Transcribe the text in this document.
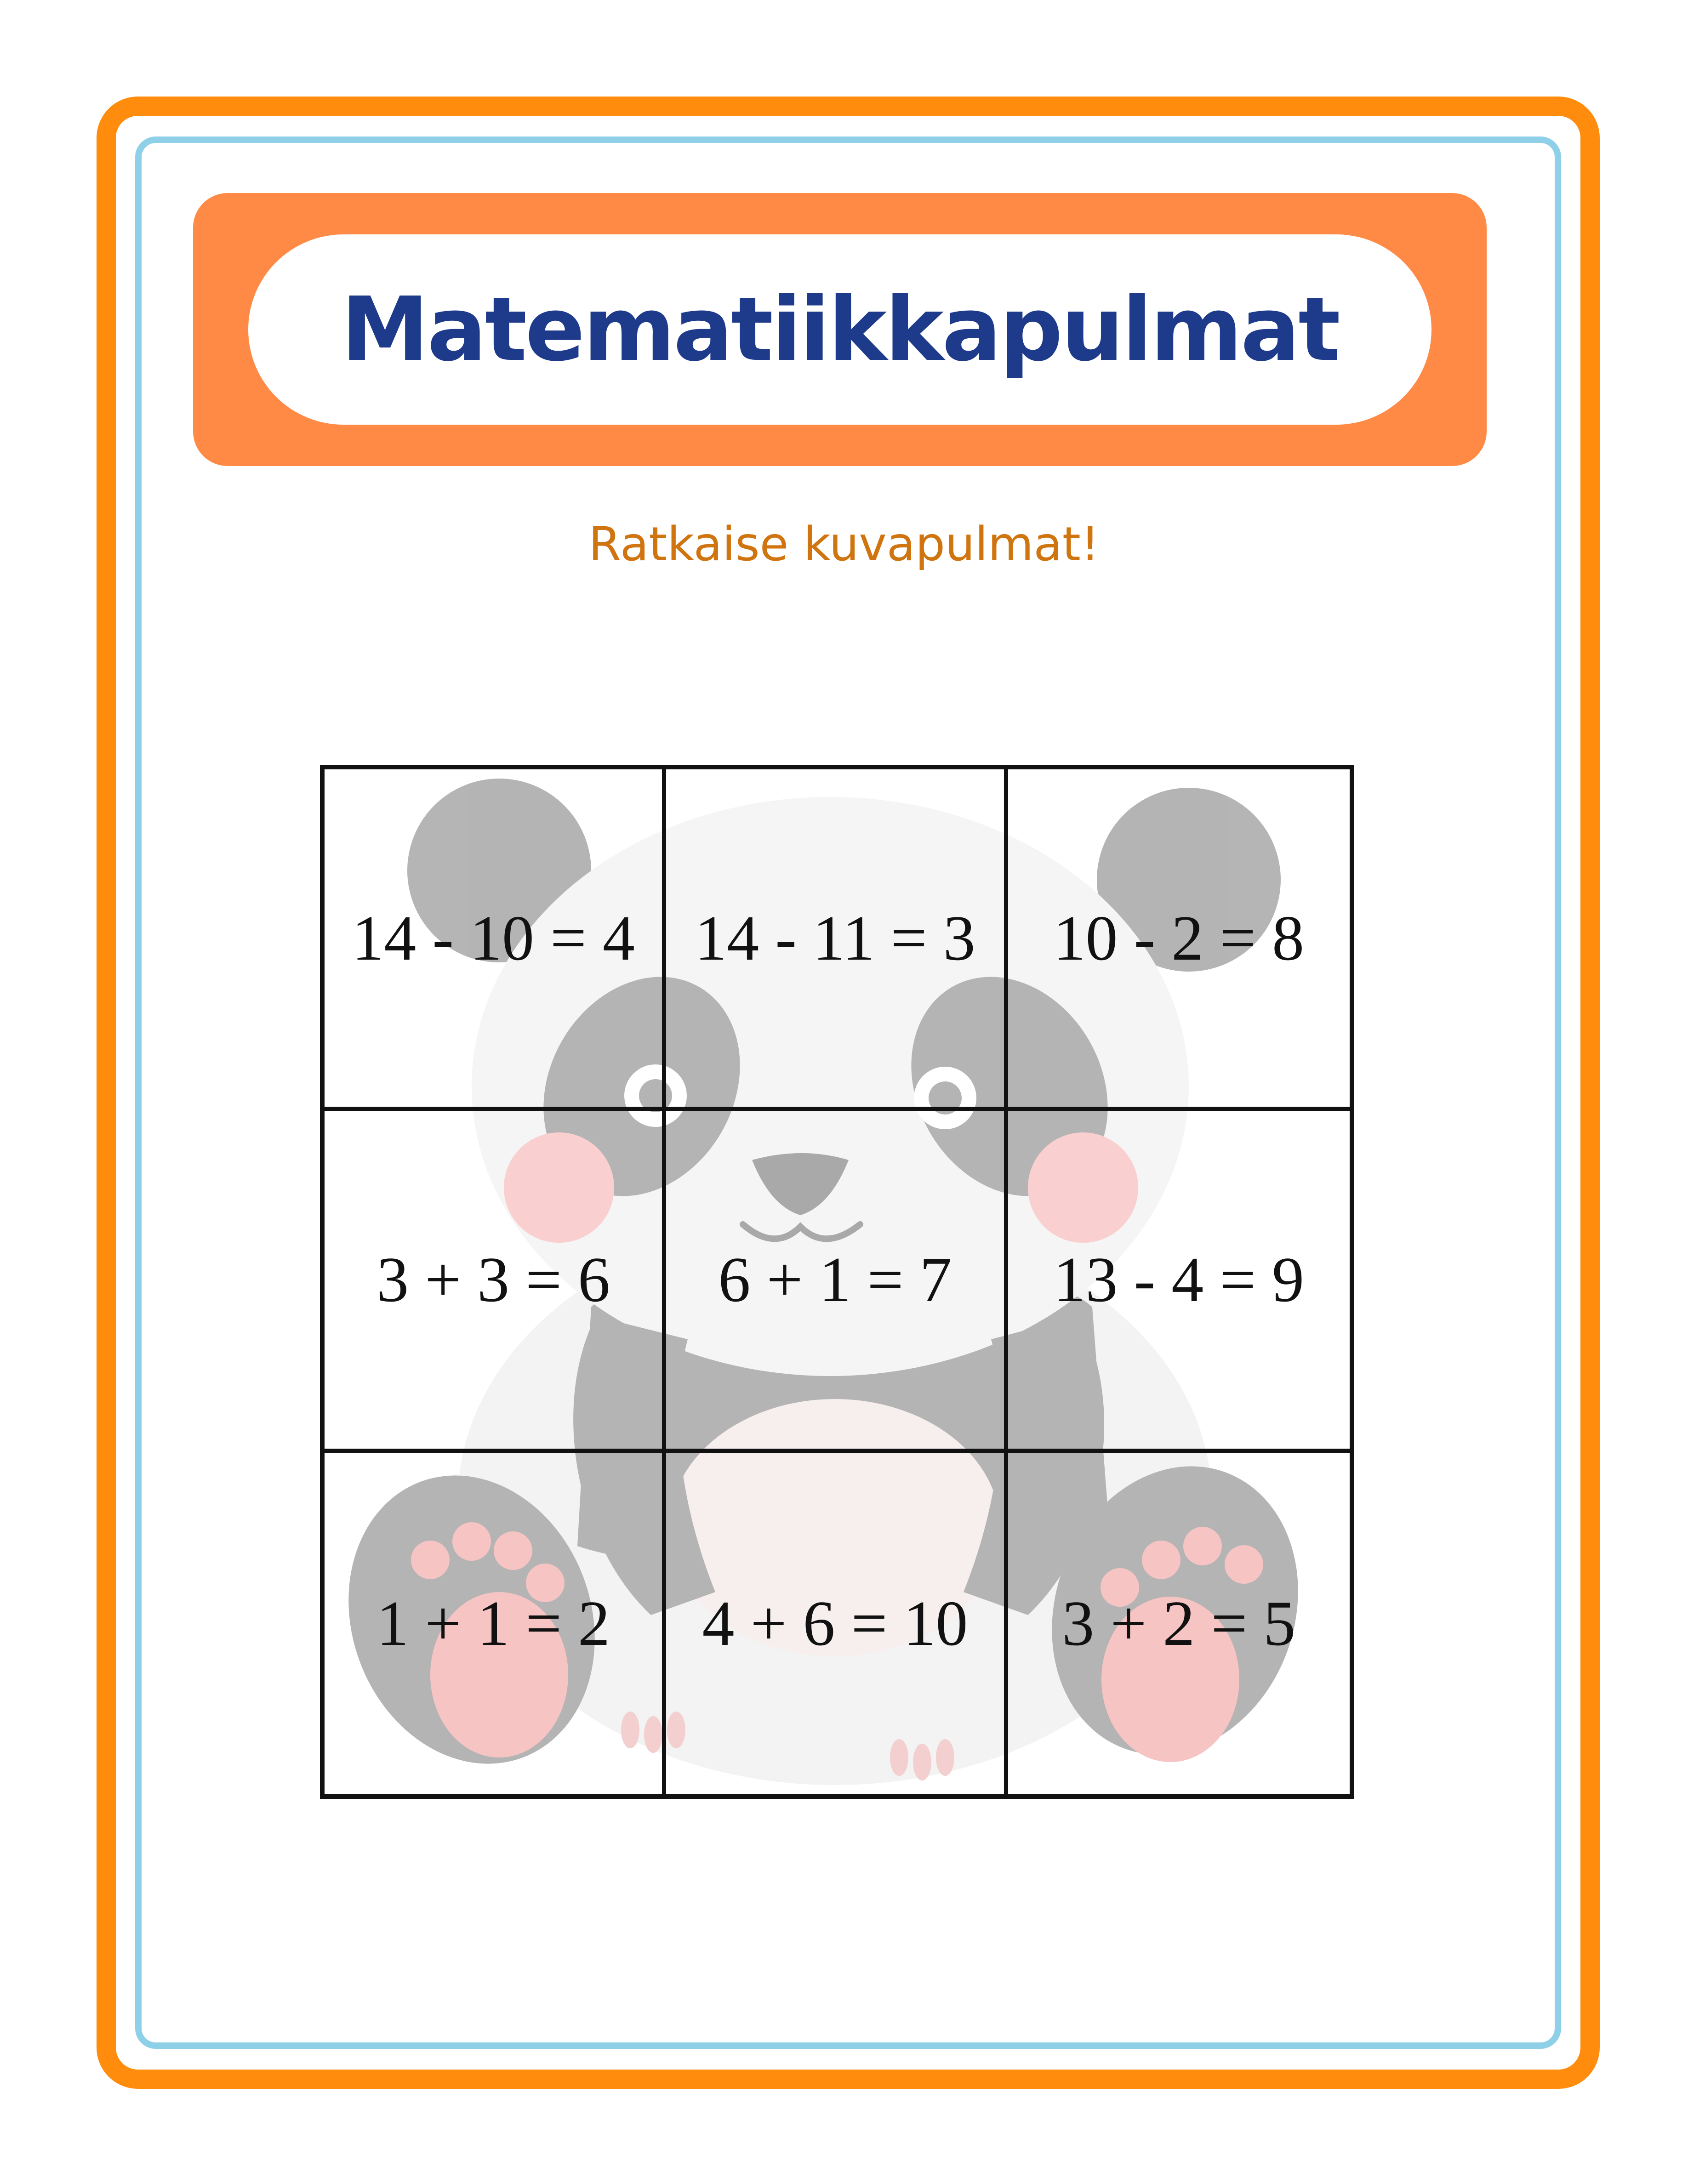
Matematiikkapulmat
Ratkaise kuvapulmat!
14 - 10 = 4 14 - 11 = 3 10 - 2 = 8
3 + 3 = 6 6 + 1 = 7 13 - 4 = 9
1 + 1 = 2 4 + 6 = 10 3 + 2 = 5
